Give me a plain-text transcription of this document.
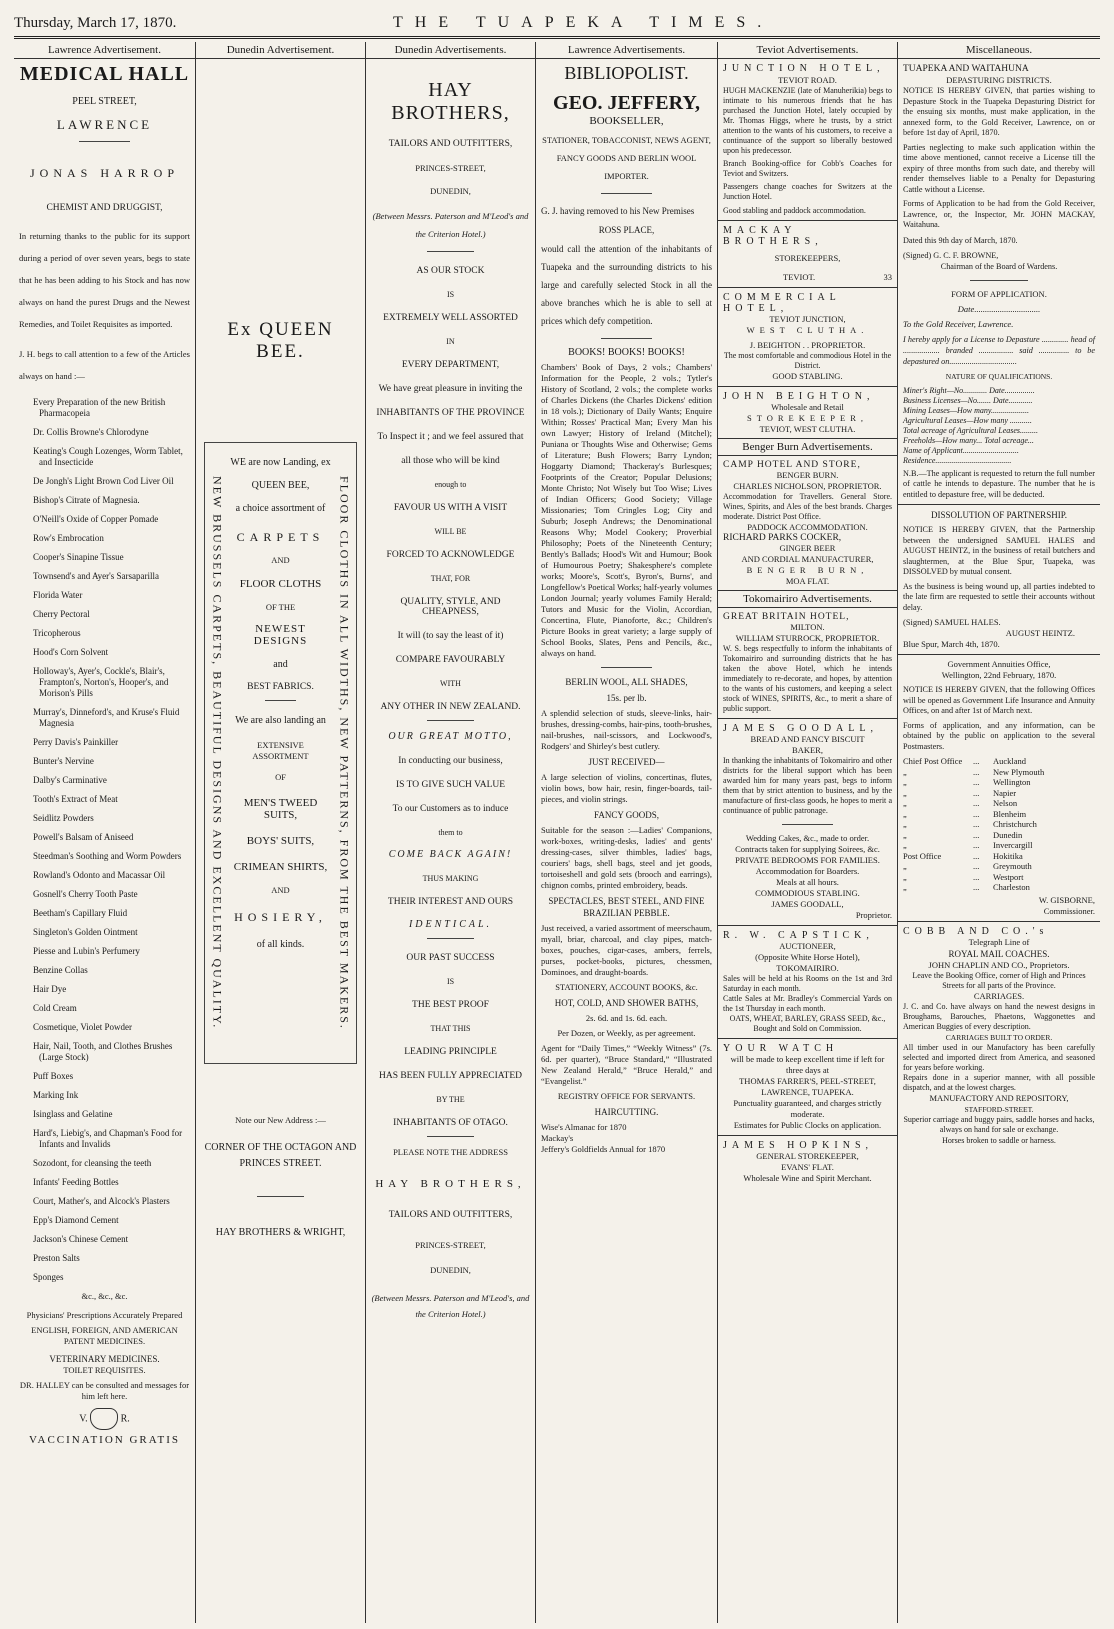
Thursday, March 17, 1870.	THE TUAPEKA TIMES.
Lawrence Advertisement.
MEDICAL HALL
PEEL STREET,
LAWRENCE
JONAS HARROP
CHEMIST AND DRUGGIST,
In returning thanks to the public for its support during a period of over seven years, begs to state that he has been adding to his Stock and has now always on hand the purest Drugs and the Newest Remedies, and Toilet Requisites as imported.
J. H. begs to call attention to a few of the Articles always on hand :—
Every Preparation of the new British Pharmacopeia
Dr. Collis Browne's Chlorodyne
Keating's Cough Lozenges, Worm Tablet, and Insecticide
De Jongh's Light Brown Cod Liver Oil
Bishop's Citrate of Magnesia.
O'Neill's Oxide of Copper Pomade
Row's Embrocation
Cooper's Sinapine Tissue
Townsend's and Ayer's Sarsaparilla
Florida Water
Cherry Pectoral
Tricopherous
Hood's Corn Solvent
Holloway's, Ayer's, Cockle's, Blair's, Frampton's, Norton's, Hooper's, and Morison's Pills
Murray's, Dinneford's, and Kruse's Fluid Magnesia
Perry Davis's Painkiller
Bunter's Nervine
Dalby's Carminative
Tooth's Extract of Meat
Seidlitz Powders
Powell's Balsam of Aniseed
Steedman's Soothing and Worm Powders
Rowland's Odonto and Macassar Oil
Gosnell's Cherry Tooth Paste
Beetham's Capillary Fluid
Singleton's Golden Ointment
Piesse and Lubin's Perfumery
Benzine Collas
Hair Dye
Cold Cream
Cosmetique, Violet Powder
Hair, Nail, Tooth, and Clothes Brushes (Large Stock)
Puff Boxes
Marking Ink
Isinglass and Gelatine
Hard's, Liebig's, and Chapman's Food for Infants and Invalids
Sozodont, for cleansing the teeth
Infants' Feeding Bottles
Court, Mather's, and Alcock's Plasters
Epp's Diamond Cement
Jackson's Chinese Cement
Preston Salts
Sponges
&c., &c., &c.
Physicians' Prescriptions Accurately Prepared
ENGLISH, FOREIGN, AND AMERICAN PATENT MEDICINES.
VETERINARY MEDICINES.
TOILET REQUISITES.
DR. HALLEY can be consulted and messages for him left here.
V.	R.
VACCINATION GRATIS
Dunedin Advertisement.
Ex QUEEN BEE.
NEW BRUSSELS CARPETS, BEAUTIFUL DESIGNS AND EXCELLENT QUALITY.	FLOOR CLOTHS IN ALL WIDTHS, NEW PATTERNS, FROM THE BEST MAKERS.
WE are now Landing, ex
QUEEN BEE,
a choice assortment of
CARPETS
AND
FLOOR CLOTHS
OF THE
NEWEST DESIGNS
and
BEST FABRICS.
We are also landing an
EXTENSIVE ASSORTMENT
OF
MEN'S TWEED SUITS,
BOYS' SUITS,
CRIMEAN SHIRTS,
AND
HOSIERY,
of all kinds.
Note our New Address :—
CORNER OF THE OCTAGON AND PRINCES STREET.
HAY BROTHERS & WRIGHT,
Dunedin Advertisements.
HAY BROTHERS,
TAILORS AND OUTFITTERS,
PRINCES-STREET,
DUNEDIN,
(Between Messrs. Paterson and M'Leod's and the Criterion Hotel.)
AS OUR STOCK
IS
EXTREMELY WELL ASSORTED
IN
EVERY DEPARTMENT,
We have great pleasure in inviting the
INHABITANTS OF THE PROVINCE
To Inspect it ; and we feel assured that
all those who will be kind
enough to
FAVOUR US WITH A VISIT
WILL BE
FORCED TO ACKNOWLEDGE
THAT, FOR
QUALITY, STYLE, AND CHEAPNESS,
It will (to say the least of it)
COMPARE FAVOURABLY
WITH
ANY OTHER IN NEW ZEALAND.
OUR GREAT MOTTO,
In conducting our business,
IS TO GIVE SUCH VALUE
To our Customers as to induce
them to
COME BACK AGAIN!
THUS MAKING
THEIR INTEREST AND OURS
IDENTICAL.
OUR PAST SUCCESS
IS
THE BEST PROOF
THAT THIS
LEADING PRINCIPLE
HAS BEEN FULLY APPRECIATED
BY THE
INHABITANTS OF OTAGO.
PLEASE NOTE THE ADDRESS
HAY BROTHERS,
TAILORS AND OUTFITTERS,
PRINCES-STREET,
DUNEDIN,
(Between Messrs. Paterson and M'Leod's, and the Criterion Hotel.)
Lawrence Advertisements.
BIBLIOPOLIST.
GEO. JEFFERY,
BOOKSELLER,
STATIONER, TOBACCONIST, NEWS AGENT, FANCY GOODS AND BERLIN WOOL IMPORTER.

G. J. having removed to his New Premises

ROSS PLACE,

would call the attention of the inhabitants of Tuapeka and the surrounding districts to his large and carefully selected Stock in all the above branches which he is able to sell at prices which defy competition.

BOOKS! BOOKS! BOOKS!

Chambers' Book of Days, 2 vols.; Chambers' Information for the People, 2 vols.; Tytler's History of Scotland, 2 vols.; the complete works of Charles Dickens (the Charles Dickens' edition in 18 vols.); Dictionary of Daily Wants; Enquire Within; Rosses' Practical Man; Every Man his own Lawyer; History of Ireland (Mitchel); Puniana or Thoughts Wise and Otherwise; Gems of Literature; Bush Flowers; Barry Lyndon; Hoggarty Diamond; Thackeray's Burlesques; Footprints of the Creator; Popular Delusions; Monte Christo; Not Wisely but Too Wise; Lives of Indian Officers; Good Society; Village Missionaries; Tom Cringles Log; City and Suburb; Joseph Andrews; the Denominational Reasons Why; Model Cookery; Proverbial Philosophy; Poets of the Nineteenth Century; Bently's Ballads; Hood's Wit and Humour; Book of Humourous Poetry; Shakesphere's complete works; Moore's, Scott's, Byron's, Burns', and Longfellow's Poetical Works; half-yearly volumes London Journal; yearly volumes Family Herald; Tutors and Music for the Violin, Accordian, Concertina, Flute, Pianoforte, &c.; Children's Picture Books in great variety; a large supply of School Books, Slates, Pens and Pencils, &c., always on hand.

BERLIN WOOL, ALL SHADES,

15s. per lb.

A splendid selection of studs, sleeve-links, hair-brushes, dressing-combs, hair-pins, tooth-brushes, nail-brushes, nail-scissors, and Lockwood's, Rodgers' and Shirley's best cutlery.

JUST RECEIVED—

A large selection of violins, concertinas, flutes, violin bows, bow hair, resin, finger-boards, tail-pieces, and violin strings.

FANCY GOODS,

Suitable for the season :—Ladies' Companions, work-boxes, writing-desks, ladies' and gents' dressing-cases, silver thimbles, ladies' bags, couriers' bags, shell bags, steel and jet goods, tortoiseshell and gold sets (brooch and earrings), chignon combs, printed embroidery, beads.

SPECTACLES, BEST STEEL, AND FINE BRAZILIAN PEBBLE.

Just received, a varied assortment of meerschaum, myall, briar, charcoal, and clay pipes, match-boxes, pouches, cigar-cases, ambers, ferrels, purses, pocket-books, pictures, chessmen, Dominoes, and draught-boards.

STATIONERY, ACCOUNT BOOKS, &c.

HOT, COLD, AND SHOWER BATHS,

2s. 6d. and 1s. 6d. each.

Per Dozen, or Weekly, as per agreement.

Agent for “Daily Times,” “Weekly Witness” (7s. 6d. per quarter), “Bruce Standard,” “Illustrated New Zealand Herald,” “Bruce Herald,” and “Evangelist.”

REGISTRY OFFICE FOR SERVANTS.

HAIRCUTTING.

Wise's Almanac for 1870

Mackay's

Jeffery's Goldfields Annual for 1870

Teviot Advertisements.
JUNCTION HOTEL,
TEVIOT ROAD.
HUGH MACKENZIE (late of Manuherikia) begs to intimate to his numerous friends that he has purchased the Junction Hotel, lately occupied by Mr. Thomas Higgs, where he trusts, by a strict attention to the wants of his customers, to receive a continuance of the support so liberally bestowed upon his predecessor.
Branch Booking-office for Cobb's Coaches for Teviot and Switzers.
Passengers change coaches for Switzers at the Junction Hotel.
Good stabling and paddock accommodation.
MACKAY BROTHERS,
STOREKEEPERS,
TEVIOT.	33
COMMERCIAL HOTEL,
TEVIOT JUNCTION,
WEST CLUTHA.
J. BEIGHTON . . PROPRIETOR.
The most comfortable and commodious Hotel in the District.
GOOD STABLING.
JOHN BEIGHTON,
Wholesale and Retail
STOREKEEPER,
TEVIOT, WEST CLUTHA.
Benger Burn Advertisements.
CAMP HOTEL AND STORE,
BENGER BURN.
CHARLES NICHOLSON, PROPRIETOR.
Accommodation for Travellers. General Store. Wines, Spirits, and Ales of the best brands. Charges moderate. District Post Office.
PADDOCK ACCOMMODATION.
RICHARD PARKS COCKER,
GINGER BEER
AND CORDIAL MANUFACTURER,
BENGER BURN,
MOA FLAT.
Tokomairiro Advertisements.
GREAT BRITAIN HOTEL,
MILTON.
WILLIAM STURROCK, PROPRIETOR.
W. S. begs respectfully to inform the inhabitants of Tokomairiro and surrounding districts that he has taken the above Hotel, which he intends immediately to re-decorate, and hopes, by attention to the wants of his customers, and keeping a select stock of WINES, SPIRITS, &c., to merit a share of public support.
JAMES GOODALL,
BREAD AND FANCY BISCUIT
BAKER,
In thanking the inhabitants of Tokomairiro and other districts for the liberal support which has been awarded him for many years past, begs to inform them that by strict attention to business, and by the manufacture of first-class goods, he hopes to merit a continuance of public patronage.
Wedding Cakes, &c., made to order.
Contracts taken for supplying Soirees, &c.
PRIVATE BEDROOMS FOR FAMILIES.
Accommodation for Boarders.
Meals at all hours.
COMMODIOUS STABLING.
JAMES GOODALL,
Proprietor.
R. W. CAPSTICK,
AUCTIONEER,
(Opposite White Horse Hotel),
TOKOMAIRIRO.
Sales will be held at his Rooms on the 1st and 3rd Saturday in each month.
Cattle Sales at Mr. Bradley's Commercial Yards on the 1st Thursday in each month.
OATS, WHEAT, BARLEY, GRASS SEED, &c., Bought and Sold on Commission.
YOUR WATCH
will be made to keep excellent time if left for three days at
THOMAS FARRER'S, PEEL-STREET,
LAWRENCE, TUAPEKA.
Punctuality guaranteed, and charges strictly moderate.
Estimates for Public Clocks on application.
JAMES HOPKINS,
GENERAL STOREKEEPER,
EVANS' FLAT.
Wholesale Wine and Spirit Merchant.
Miscellaneous.
TUAPEKA AND WAITAHUNA
DEPASTURING DISTRICTS.

NOTICE IS HEREBY GIVEN, that parties wishing to Depasture Stock in the Tuapeka Depasturing District for the ensuing six months, must make application, in the annexed form, to the Gold Receiver, Lawrence, on or before 1st day of April, 1870.

Parties neglecting to make such application within the time above mentioned, cannot receive a License till the expiry of three months from such date, and thereby will render themselves liable to a Penalty for Depasturing Cattle without a License.

Forms of Application to be had from the Gold Receiver, Lawrence, or, the Inspector, Mr. JOHN MACKAY, Waitahuna.

Dated this 9th day of March, 1870.

(Signed) G. C. F. BROWNE,

Chairman of the Board of Wardens.

FORM OF APPLICATION.

Date...............................

To the Gold Receiver, Lawrence.

I hereby apply for a License to Depasture ............. head of .................. branded ................. said ............... to be depastured on.................................

NATURE OF QUALIFICATIONS.

Miner's Right—No............ Date...............
Business Licenses—No....... Date............
Mining Leases—How many...................
Agricultural Leases—How many ...........
Total acreage of Agricultural Leases.........
Freeholds—How many... Total acreage...
Name of Applicant............................
Residence......................................

N.B.—The applicant is requested to return the full number of cattle he intends to depasture. The number that he is entitled to depasture free, will be deducted.

DISSOLUTION OF PARTNERSHIP.

NOTICE IS HEREBY GIVEN, that the Partnership between the undersigned SAMUEL HALES and AUGUST HEINTZ, in the business of retail butchers and slaughtermen, at the Blue Spur, Tuapeka, was DISSOLVED by mutual consent.

As the business is being wound up, all parties indebted to the late firm are requested to settle their accounts without delay.

(Signed) SAMUEL HALES.

AUGUST HEINTZ.

Blue Spur, March 4th, 1870.

Government Annuities Office,

Wellington, 22nd February, 1870.

NOTICE IS HEREBY GIVEN, that the following Offices will be opened as Government Life Insurance and Annuity Offices, on and after 1st of March next.

Forms of application, and any information, can be obtained by the public on application to the several Postmasters.

Chief Post Office	...	Auckland
„	...	New Plymouth
„	...	Wellington
„	...	Napier
„	...	Nelson
„	...	Blenheim
„	...	Christchurch
„	...	Dunedin
„	...	Invercargill
Post Office	...	Hokitika
„	...	Greymouth
„	...	Westport
„	...	Charleston

W. GISBORNE,

Commissioner.

COBB AND CO.'s
Telegraph Line of
ROYAL MAIL COACHES.
JOHN CHAPLIN AND CO., Proprietors.
Leave the Booking Office, corner of High and Princes Streets for all parts of the Province.
CARRIAGES.
J. C. and Co. have always on hand the newest designs in Broughams, Barouches, Phaetons, Waggonettes and American Buggies of every description.
CARRIAGES BUILT TO ORDER.
All timber used in our Manufactory has been carefully selected and imported direct from America, and seasoned for years before working.
Repairs done in a superior manner, with all possible dispatch, and at the lowest charges.
MANUFACTORY AND REPOSITORY,
STAFFORD-STREET.
Superior carriage and buggy pairs, saddle horses and hacks, always on hand for sale or exchange.
Horses broken to saddle or harness.
